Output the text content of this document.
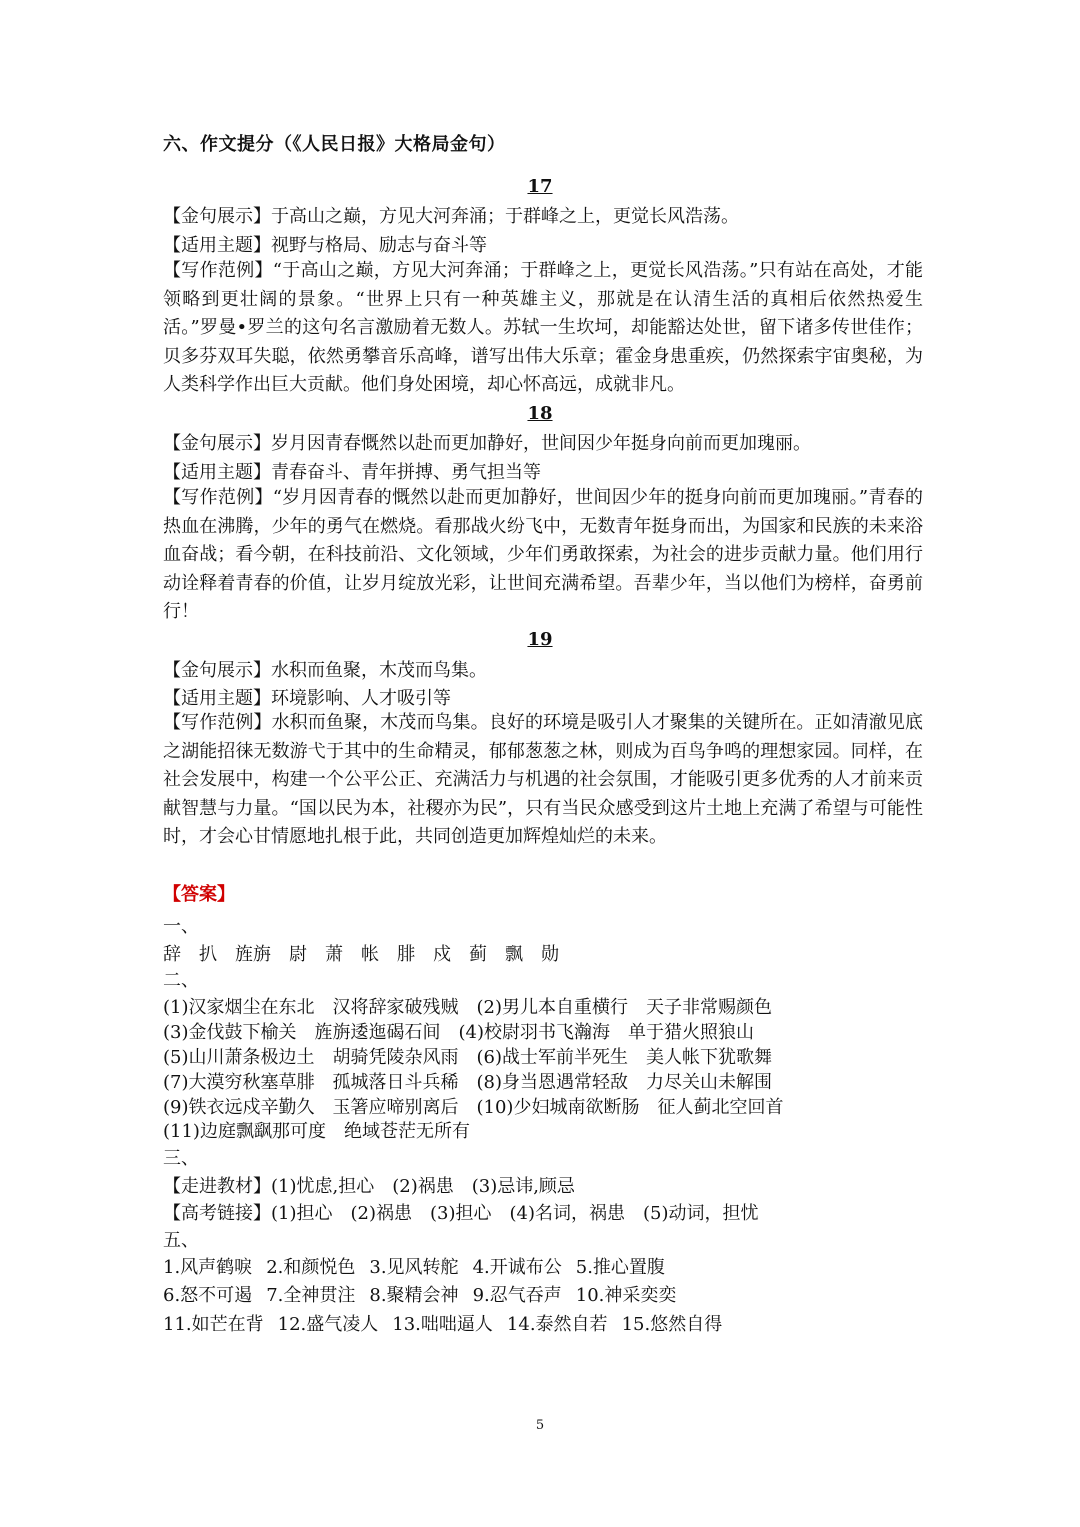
六、作文提分（《人民日报》大格局金句）
17
【金句展示】于高山之巅，方见大河奔涌；于群峰之上，更觉长风浩荡。
【适用主题】视野与格局、励志与奋斗等
【写作范例】“于高山之巅，方见大河奔涌；于群峰之上，更觉长风浩荡。”只有站在高处，才能领略到更壮阔的景象。“世界上只有一种英雄主义，那就是在认清生活的真相后依然热爱生活。”罗曼•罗兰的这句名言激励着无数人。苏轼一生坎坷，却能豁达处世，留下诸多传世佳作；贝多芬双耳失聪，依然勇攀音乐高峰，谱写出伟大乐章；霍金身患重疾，仍然探索宇宙奥秘，为人类科学作出巨大贡献。他们身处困境，却心怀高远，成就非凡。
18
【金句展示】岁月因青春慨然以赴而更加静好，世间因少年挺身向前而更加瑰丽。
【适用主题】青春奋斗、青年拼搏、勇气担当等
【写作范例】“岁月因青春的慨然以赴而更加静好，世间因少年的挺身向前而更加瑰丽。”青春的热血在沸腾，少年的勇气在燃烧。看那战火纷飞中，无数青年挺身而出，为国家和民族的未来浴血奋战；看今朝，在科技前沿、文化领域，少年们勇敢探索，为社会的进步贡献力量。他们用行动诠释着青春的价值，让岁月绽放光彩，让世间充满希望。吾辈少年，当以他们为榜样，奋勇前行！
19
【金句展示】水积而鱼聚，木茂而鸟集。
【适用主题】环境影响、人才吸引等
【写作范例】水积而鱼聚，木茂而鸟集。良好的环境是吸引人才聚集的关键所在。正如清澈见底之湖能招徕无数游弋于其中的生命精灵，郁郁葱葱之林，则成为百鸟争鸣的理想家园。同样，在社会发展中，构建一个公平公正、充满活力与机遇的社会氛围，才能吸引更多优秀的人才前来贡献智慧与力量。“国以民为本，社稷亦为民”，只有当民众感受到这片土地上充满了希望与可能性时，才会心甘情愿地扎根于此，共同创造更加辉煌灿烂的未来。
【答案】
一、
辞　扒　旌旃　尉　萧　帐　腓　戍　蓟　飘　勋
二、
(1)汉家烟尘在东北　汉将辞家破残贼　(2)男儿本自重横行　天子非常赐颜色
(3)金伐鼓下榆关　旌旃逶迤碣石间　(4)校尉羽书飞瀚海　单于猎火照狼山
(5)山川萧条极边土　胡骑凭陵杂风雨　(6)战士军前半死生　美人帐下犹歌舞
(7)大漠穷秋塞草腓　孤城落日斗兵稀　(8)身当恩遇常轻敌　力尽关山未解围
(9)铁衣远戍辛勤久　玉箸应啼别离后　(10)少妇城南欲断肠　征人蓟北空回首
(11)边庭飘飖那可度　绝域苍茫无所有
三、
【走进教材】(1)忧虑,担心　(2)祸患　(3)忌讳,顾忌
【高考链接】(1)担心　(2)祸患　(3)担心　(4)名词，祸患　(5)动词，担忧
五、
1.风声鹤唳 2.和颜悦色 3.见风转舵 4.开诚布公 5.推心置腹
6.怒不可遏 7.全神贯注 8.聚精会神 9.忍气吞声 10.神采奕奕
11.如芒在背 12.盛气凌人 13.咄咄逼人 14.泰然自若 15.悠然自得
5
